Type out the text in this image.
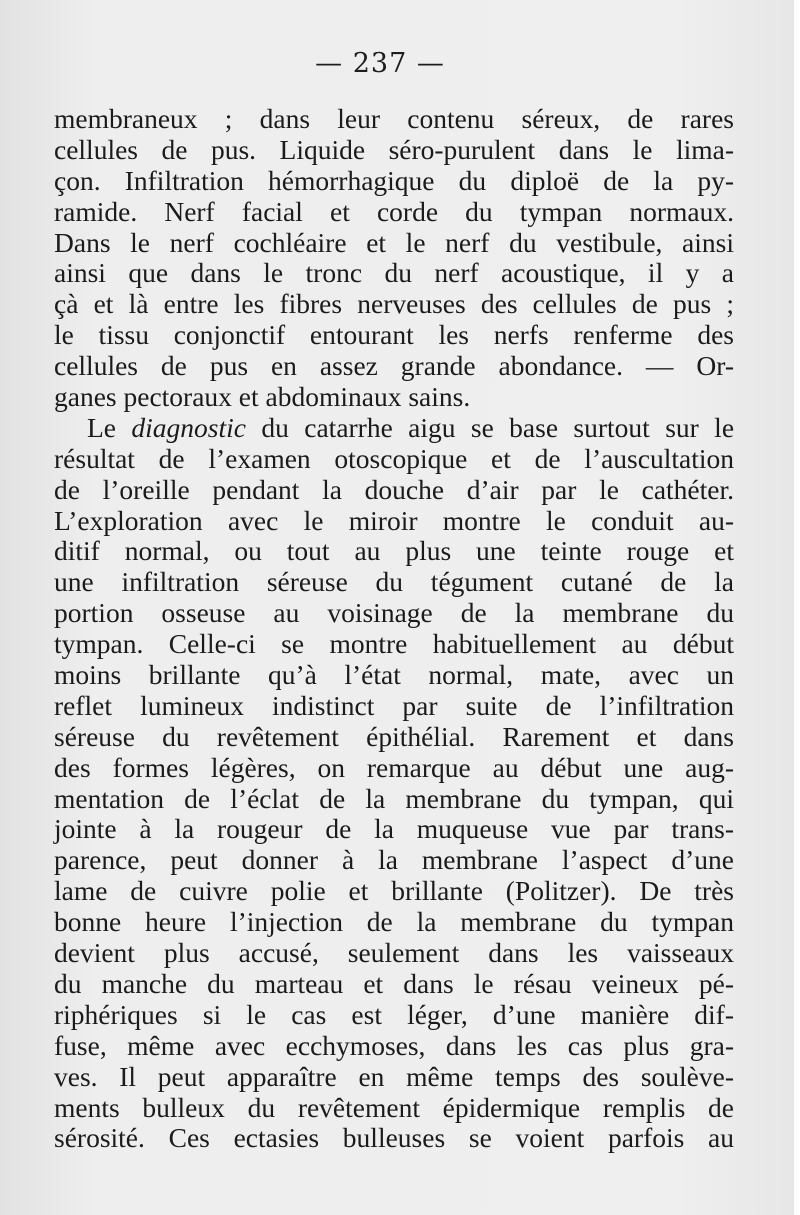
— 237 —
membraneux ; dans leur contenu séreux, de rares
cellules de pus. Liquide séro-purulent dans le lima-
çon. Infiltration hémorrhagique du diploë de la py-
ramide. Nerf facial et corde du tympan normaux.
Dans le nerf cochléaire et le nerf du vestibule, ainsi
ainsi que dans le tronc du nerf acoustique, il y a
çà et là entre les fibres nerveuses des cellules de pus ;
le tissu conjonctif entourant les nerfs renferme des
cellules de pus en assez grande abondance. — Or-
ganes pectoraux et abdominaux sains.
Le diagnostic du catarrhe aigu se base surtout sur le
résultat de l’examen otoscopique et de l’auscultation
de l’oreille pendant la douche d’air par le cathéter.
L’exploration avec le miroir montre le conduit au-
ditif normal, ou tout au plus une teinte rouge et
une infiltration séreuse du tégument cutané de la
portion osseuse au voisinage de la membrane du
tympan. Celle-ci se montre habituellement au début
moins brillante qu’à l’état normal, mate, avec un
reflet lumineux indistinct par suite de l’infiltration
séreuse du revêtement épithélial. Rarement et dans
des formes légères, on remarque au début une aug-
mentation de l’éclat de la membrane du tympan, qui
jointe à la rougeur de la muqueuse vue par trans-
parence, peut donner à la membrane l’aspect d’une
lame de cuivre polie et brillante (Politzer). De très
bonne heure l’injection de la membrane du tympan
devient plus accusé, seulement dans les vaisseaux
du manche du marteau et dans le résau veineux pé-
riphériques si le cas est léger, d’une manière dif-
fuse, même avec ecchymoses, dans les cas plus gra-
ves. Il peut apparaître en même temps des soulève-
ments bulleux du revêtement épidermique remplis de
sérosité. Ces ectasies bulleuses se voient parfois au
